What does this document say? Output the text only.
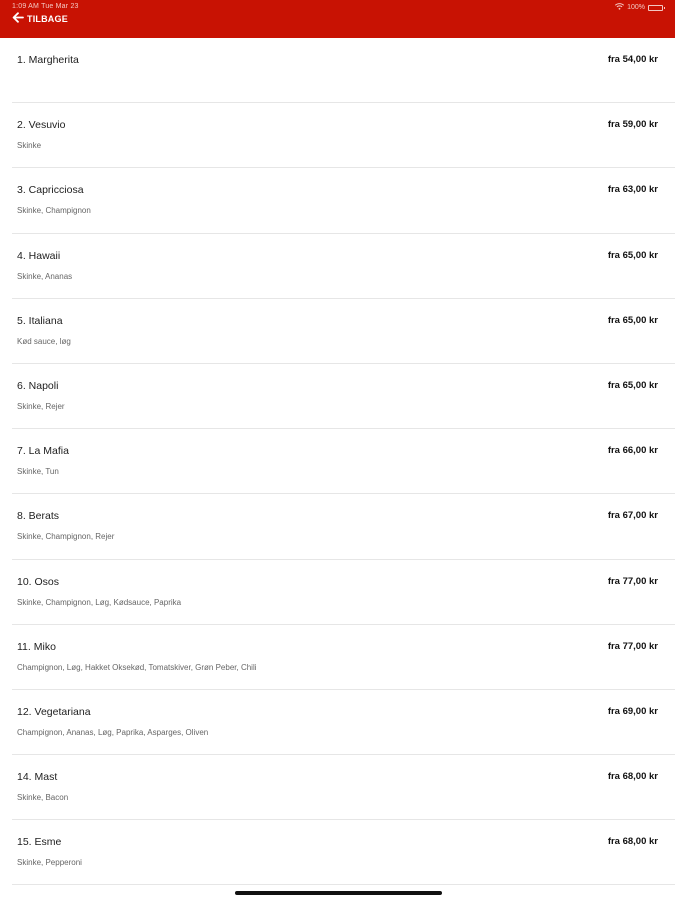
1:09 AM Tue Mar 23	100%
TILBAGE
1. Margherita	fra 54,00 kr
2. Vesuvio
Skinke
fra 59,00 kr
3. Capricciosa
Skinke, Champignon
fra 63,00 kr
4. Hawaii
Skinke, Ananas
fra 65,00 kr
5. Italiana
Kød sauce, løg
fra 65,00 kr
6. Napoli
Skinke, Rejer
fra 65,00 kr
7. La Mafia
Skinke, Tun
fra 66,00 kr
8. Berats
Skinke, Champignon, Rejer
fra 67,00 kr
10. Osos
Skinke, Champignon, Løg, Kødsauce, Paprika
fra 77,00 kr
11. Miko
Champignon, Løg, Hakket Oksekød, Tomatskiver, Grøn Peber, Chili
fra 77,00 kr
12. Vegetariana
Champignon, Ananas, Løg, Paprika, Asparges, Oliven
fra 69,00 kr
14. Mast
Skinke, Bacon
fra 68,00 kr
15. Esme
Skinke, Pepperoni
fra 68,00 kr
